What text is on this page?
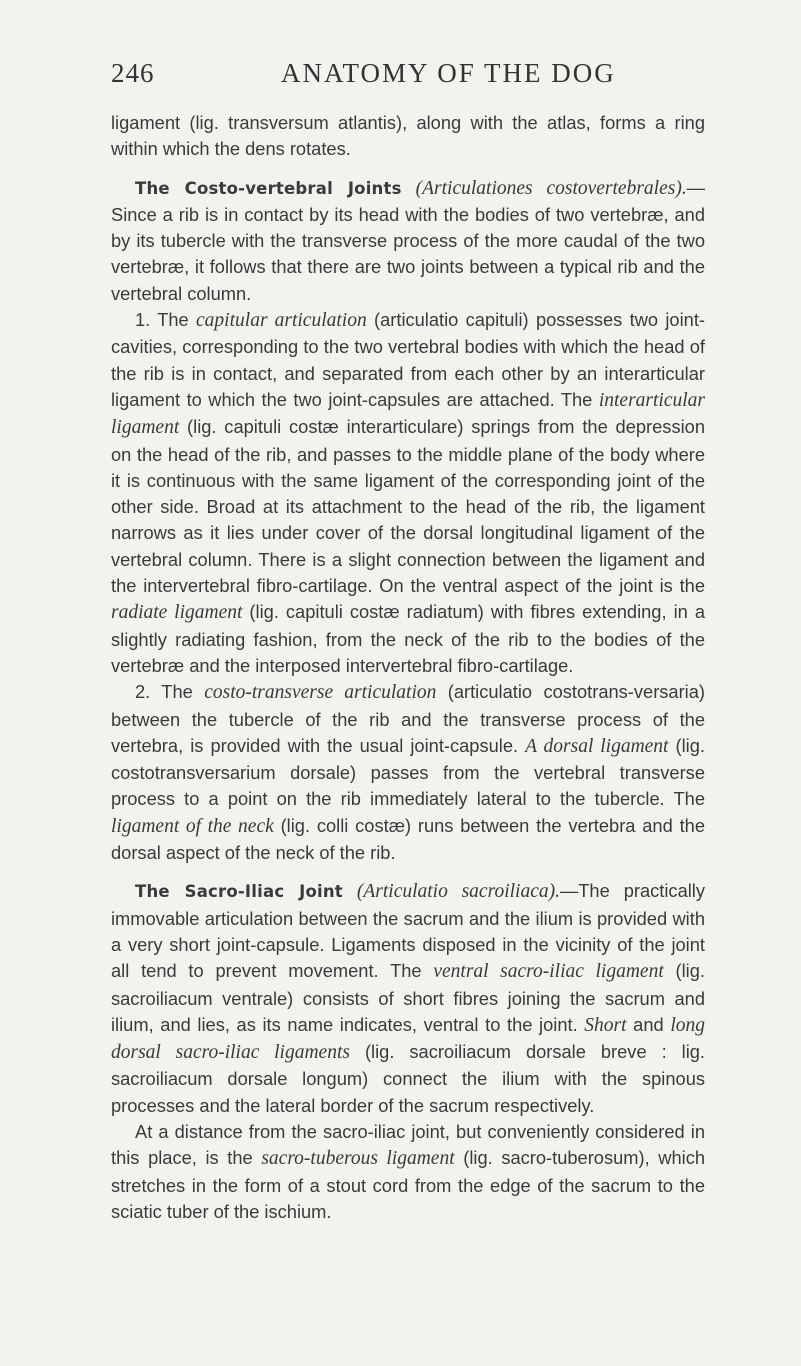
246	ANATOMY OF THE DOG

ligament (lig. transversum atlantis), along with the atlas, forms a ring within which the dens rotates.

The Costo-vertebral Joints (Articulationes costovertebrales).— Since a rib is in contact by its head with the bodies of two vertebræ, and by its tubercle with the transverse process of the more caudal of the two vertebræ, it follows that there are two joints between a typical rib and the vertebral column.

1. The capitular articulation (articulatio capituli) possesses two joint-cavities, corresponding to the two vertebral bodies with which the head of the rib is in contact, and separated from each other by an interarticular ligament to which the two joint-capsules are attached. The interarticular ligament (lig. capituli costæ interarticulare) springs from the depression on the head of the rib, and passes to the middle plane of the body where it is continuous with the same ligament of the corresponding joint of the other side. Broad at its attachment to the head of the rib, the ligament narrows as it lies under cover of the dorsal longitudinal ligament of the vertebral column. There is a slight connection between the ligament and the intervertebral fibro-cartilage. On the ventral aspect of the joint is the radiate ligament (lig. capituli costæ radiatum) with fibres extending, in a slightly radiating fashion, from the neck of the rib to the bodies of the vertebræ and the interposed intervertebral fibro-cartilage.

2. The costo-transverse articulation (articulatio costotrans-versaria) between the tubercle of the rib and the transverse process of the vertebra, is provided with the usual joint-capsule. A dorsal ligament (lig. costotransversarium dorsale) passes from the vertebral transverse process to a point on the rib immediately lateral to the tubercle. The ligament of the neck (lig. colli costæ) runs between the vertebra and the dorsal aspect of the neck of the rib.

The Sacro-Iliac Joint (Articulatio sacroiliaca).—The practically immovable articulation between the sacrum and the ilium is provided with a very short joint-capsule. Ligaments disposed in the vicinity of the joint all tend to prevent movement. The ventral sacro-iliac ligament (lig. sacroiliacum ventrale) consists of short fibres joining the sacrum and ilium, and lies, as its name indicates, ventral to the joint. Short and long dorsal sacro-iliac ligaments (lig. sacroiliacum dorsale breve : lig. sacroiliacum dorsale longum) connect the ilium with the spinous processes and the lateral border of the sacrum respectively.

At a distance from the sacro-iliac joint, but conveniently considered in this place, is the sacro-tuberous ligament (lig. sacro-tuberosum), which stretches in the form of a stout cord from the edge of the sacrum to the sciatic tuber of the ischium.
